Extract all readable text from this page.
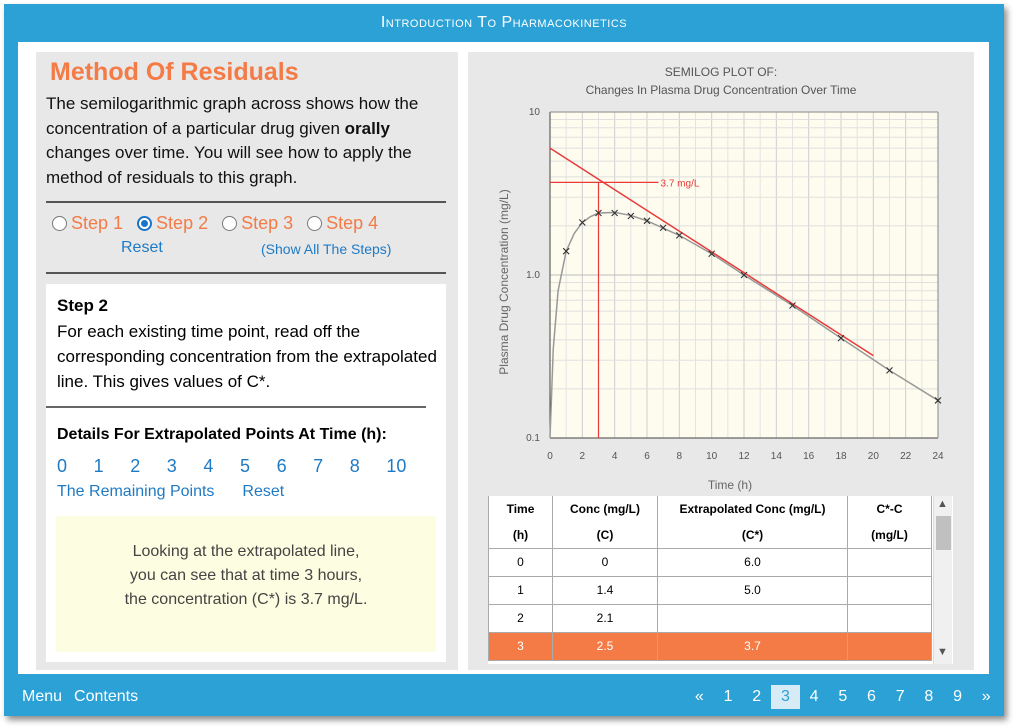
Introduction To Pharmacokinetics
Method Of Residuals
The semilogarithmic graph across shows how the concentration of a particular drug given orally changes over time. You will see how to apply the method of residuals to this graph.
Step 1 Step 2 Step 3 Step 4
Reset	(Show All The Steps)
Step 2
For each existing time point, read off the corresponding concentration from the extrapolated line. This gives values of C*.
Details For Extrapolated Points At Time (h):
0	1	2	3	4	5	6	7	8	10
The Remaining Points Reset
Looking at the extrapolated line,
you can see that at time 3 hours,
the concentration (C*) is 3.7 mg/L.
SEMILOG PLOT OF:
Changes In Plasma Drug Concentration Over Time
Time (h)
Plasma Drug Concentration (mg/L)
0	2	4	6	8 10 12 14 16 18 20 22 24
0.1
1.0
10
3.7 mg/L
Time	Conc (mg/L)	Extrapolated Conc (mg/L)	C*-C
(h)	(C)	(C*)	(mg/L)
0	0	6.0	
1	1.4	5.0	
2	2.1		
3	2.5	3.7	
▲
▼
Menu Contents	«	1	2	3	4	5	6	7	8	9	»
